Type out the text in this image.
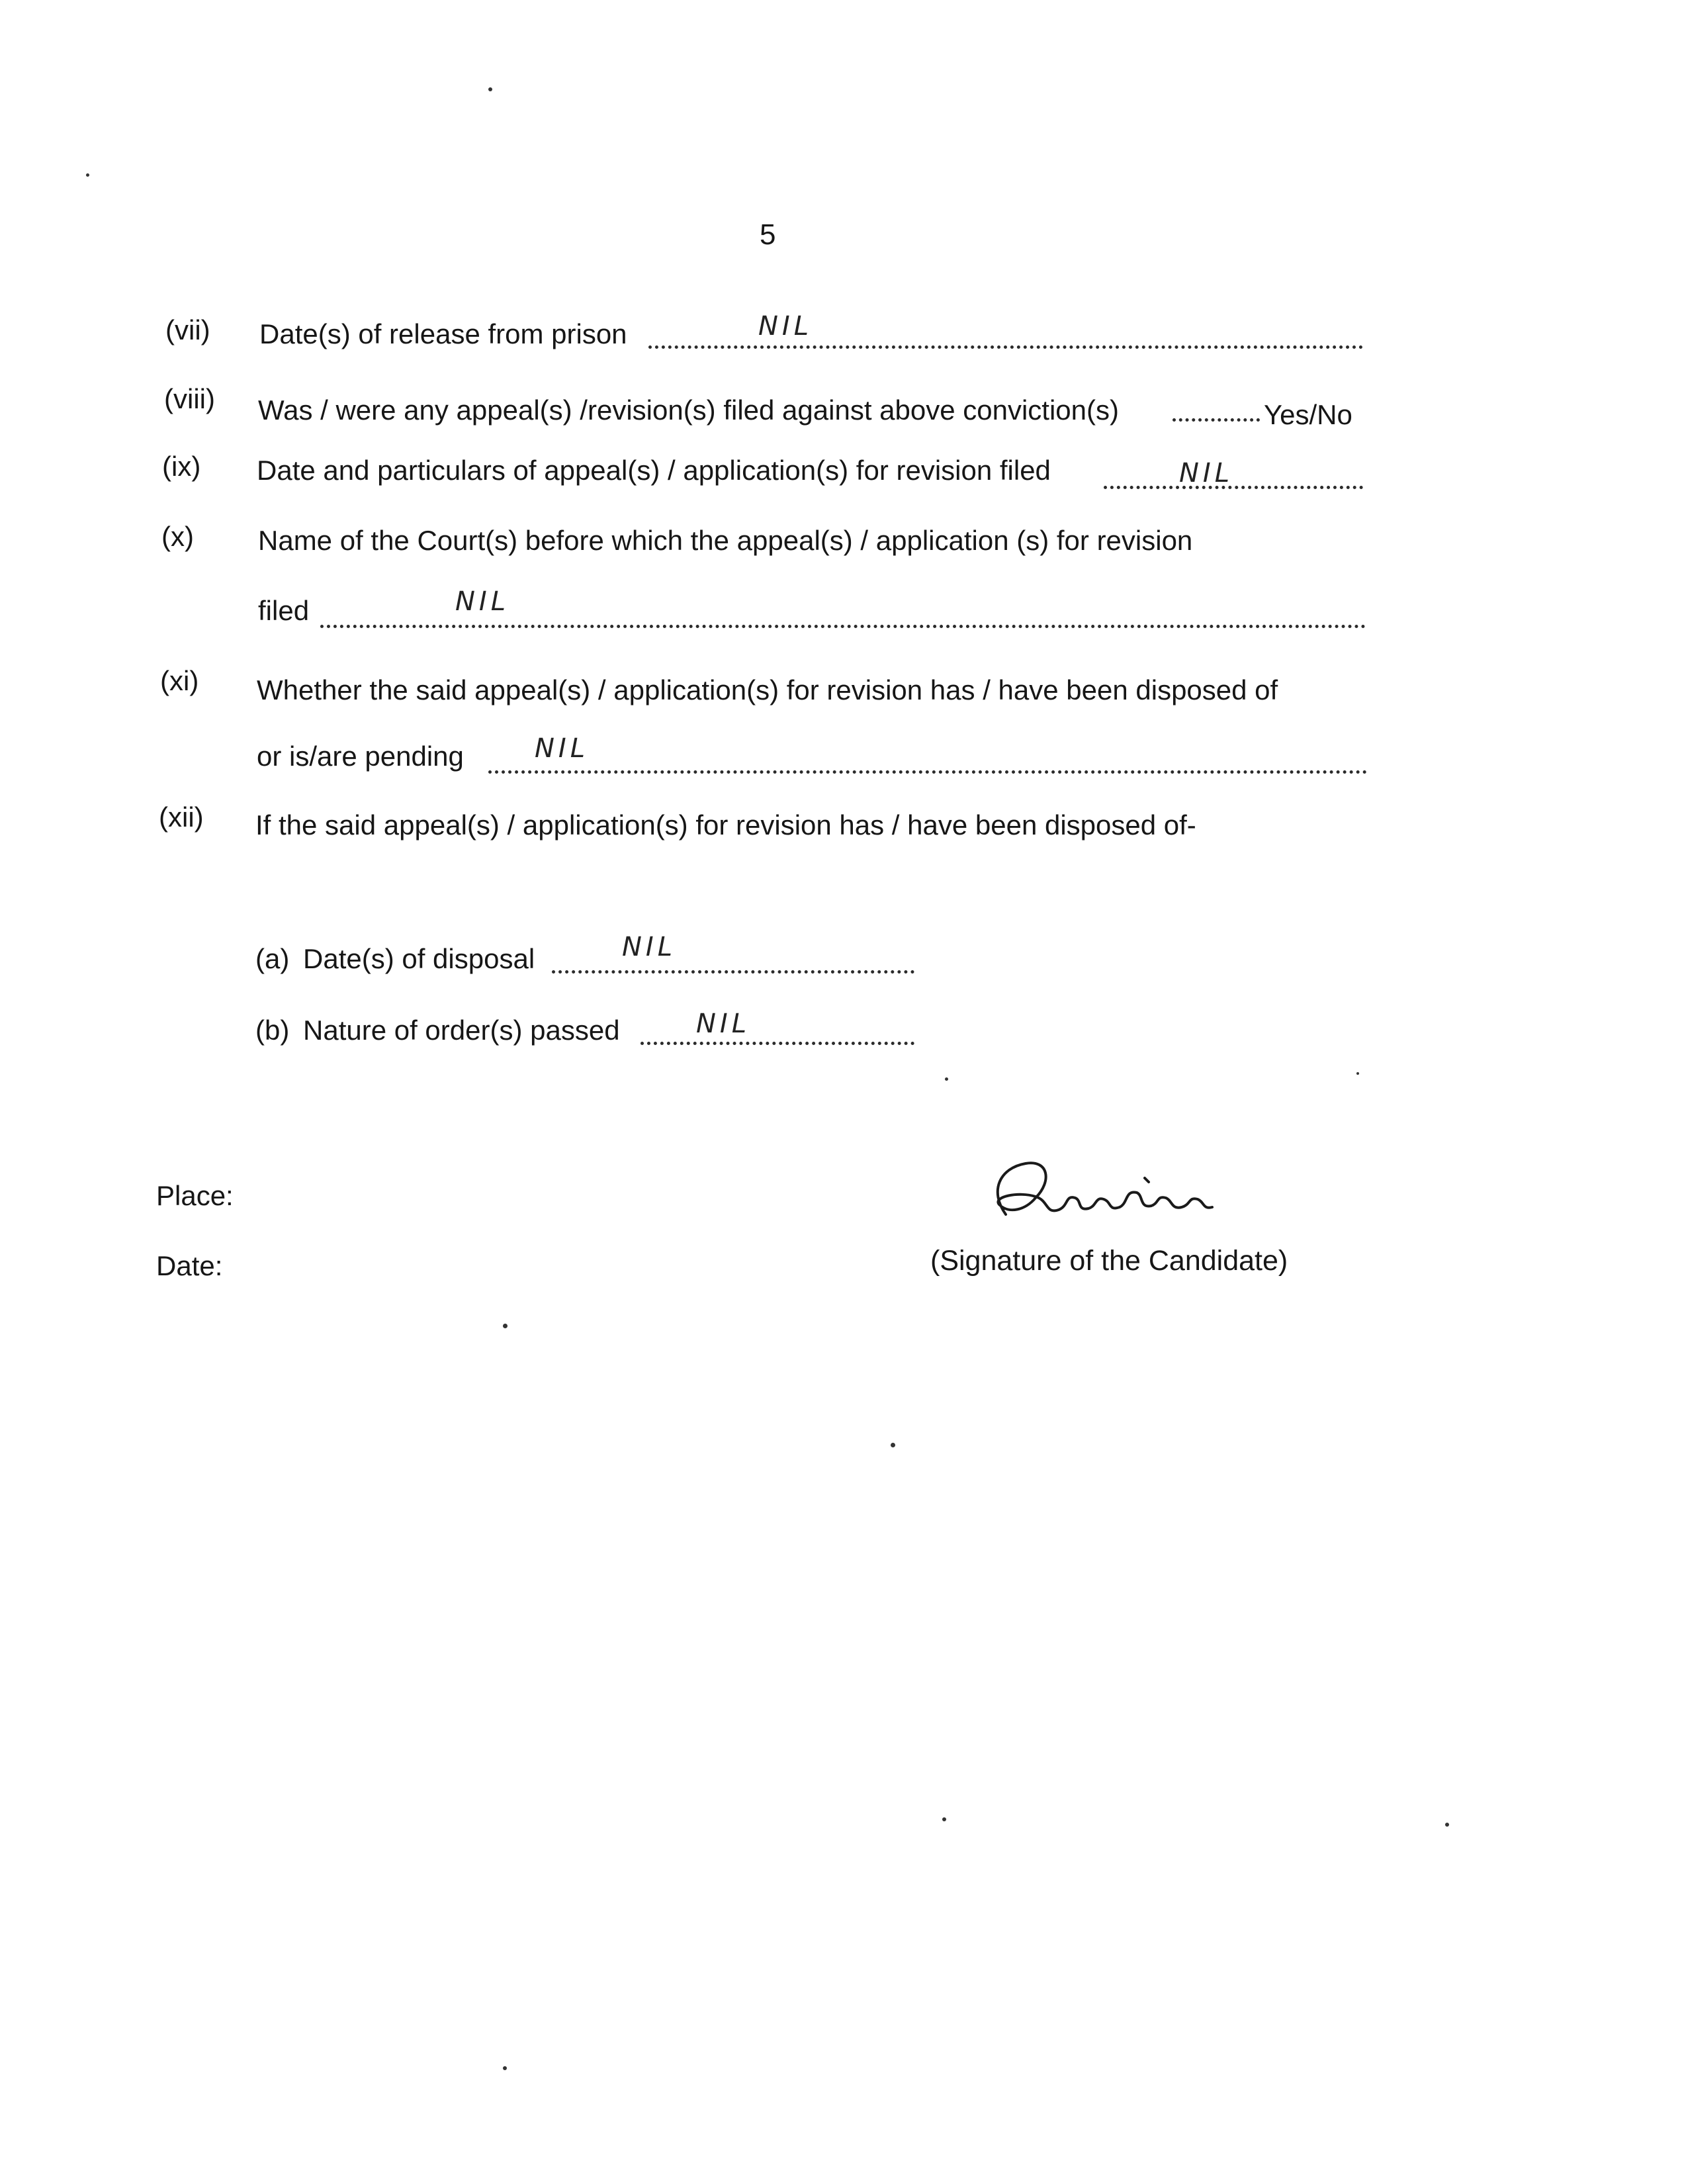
5
(vii) Date(s) of release from prison	NIL
(viii) Was / were any appeal(s) /revision(s) filed against above conviction(s)	Yes/No
(ix) Date and particulars of appeal(s) / application(s) for revision filed	NIL
(x) Name of the Court(s) before which the appeal(s) / application (s) for revision
filed	NIL
(xi) Whether the said appeal(s) / application(s) for revision has / have been disposed of
or is/are pending	NIL
(xii) If the said appeal(s) / application(s) for revision has / have been disposed of-
(a) Date(s) of disposal	NIL
(b) Nature of order(s) passed	NIL
Place:
Date:	(Signature of the Candidate)
